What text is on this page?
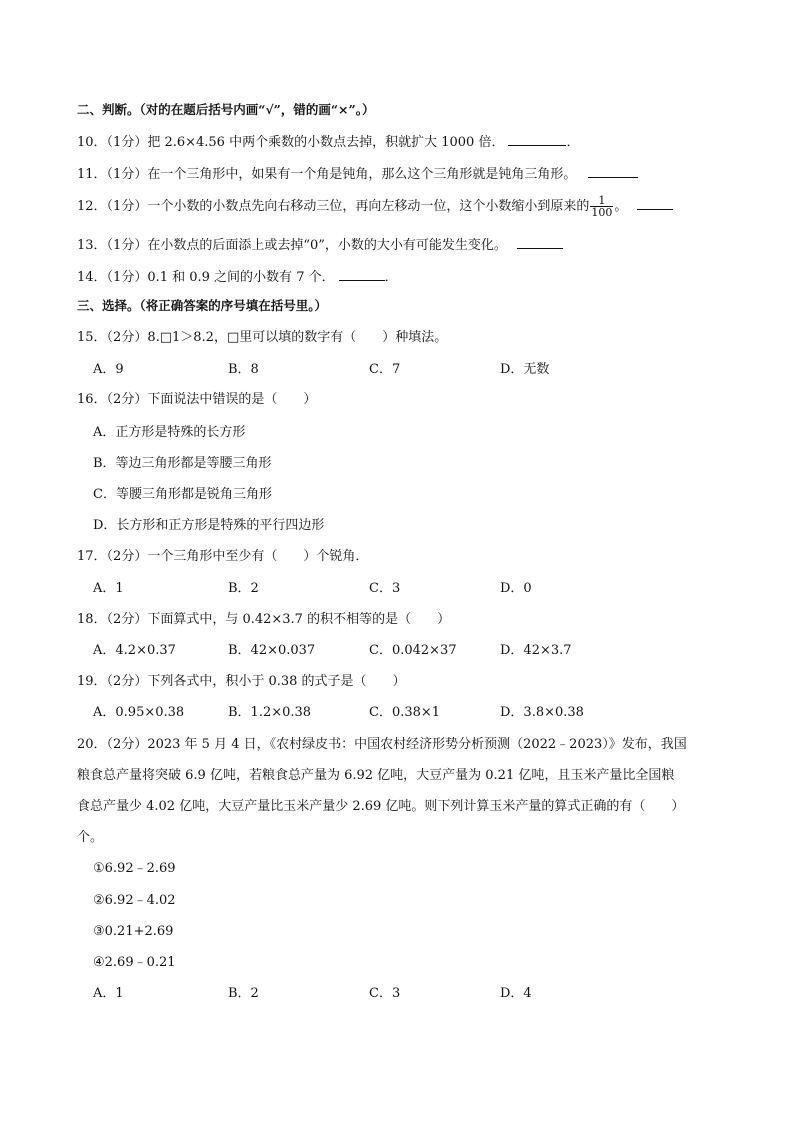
二、判断。（对的在题后括号内画“√”，错的画“×”。）
10．（1分）把 2.6×4.56 中两个乘数的小数点去掉，积就扩大 1000 倍．	．
11．（1分）在一个三角形中，如果有一个角是钝角，那么这个三角形就是钝角三角形。
12．（1分）一个小数的小数点先向右移动三位，再向左移动一位，这个小数缩小到原来的 $\frac{1}{100}$ 。
13．（1分）在小数点的后面添上或去掉“0”，小数的大小有可能发生变化。
14．（1分）0.1 和 0.9 之间的小数有 7 个．	．
三、选择。（将正确答案的序号填在括号里。）
15．（2分）8.□1＞8.2，□里可以填的数字有（　　）种填法。
A．9	B．8	C．7	D．无数
16．（2分）下面说法中错误的是（　　）
A．正方形是特殊的长方形
B．等边三角形都是等腰三角形
C．等腰三角形都是锐角三角形
D．长方形和正方形是特殊的平行四边形
17．（2分）一个三角形中至少有（　　）个锐角．
A．1	B．2	C．3	D．0
18．（2分）下面算式中，与 0.42×3.7 的积不相等的是（　　）
A．4.2×0.37	B．42×0.037	C．0.042×37	D．42×3.7
19．（2分）下列各式中，积小于 0.38 的式子是（　　）
A．0.95×0.38	B．1.2×0.38	C．0.38×1	D．3.8×0.38
20．（2分）2023 年 5 月 4 日，《农村绿皮书：中国农村经济形势分析预测（2022﹣2023）》发布，我国
粮食总产量将突破 6.9 亿吨，若粮食总产量为 6.92 亿吨，大豆产量为 0.21 亿吨，且玉米产量比全国粮
食总产量少 4.02 亿吨，大豆产量比玉米产量少 2.69 亿吨。则下列计算玉米产量的算式正确的有（　　）
个。
①6.92﹣2.69
②6.92﹣4.02
③0.21+2.69
④2.69﹣0.21
A．1	B．2	C．3	D．4
